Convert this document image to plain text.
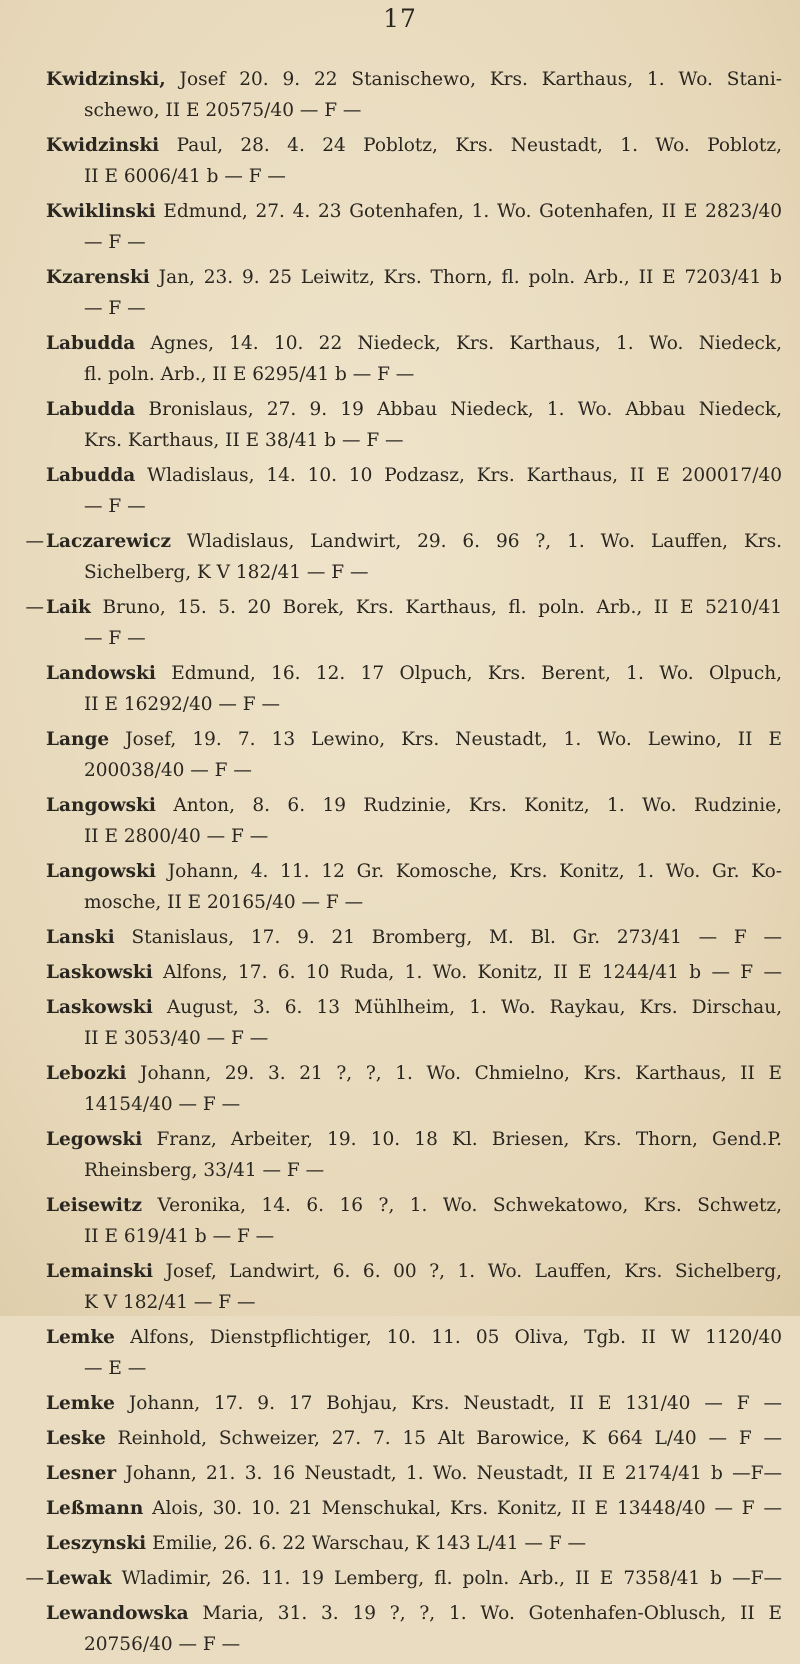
17
Kwidzinski, Josef 20. 9. 22 Stanischewo, Krs. Karthaus, 1. Wo. Stani-
schewo, II E 20575/40 — F —
Kwidzinski Paul, 28. 4. 24 Poblotz, Krs. Neustadt, 1. Wo. Poblotz,
II E 6006/41 b — F —
Kwiklinski Edmund, 27. 4. 23 Gotenhafen, 1. Wo. Gotenhafen, II E 2823/40
— F —
Kzarenski Jan, 23. 9. 25 Leiwitz, Krs. Thorn, fl. poln. Arb., II E 7203/41 b
— F —
Labudda Agnes, 14. 10. 22 Niedeck, Krs. Karthaus, 1. Wo. Niedeck,
fl. poln. Arb., II E 6295/41 b — F —
Labudda Bronislaus, 27. 9. 19 Abbau Niedeck, 1. Wo. Abbau Niedeck,
Krs. Karthaus, II E 38/41 b — F —
Labudda Wladislaus, 14. 10. 10 Podzasz, Krs. Karthaus, II E 200017/40
— F —
— Laczarewicz Wladislaus, Landwirt, 29. 6. 96 ?, 1. Wo. Lauffen, Krs.
Sichelberg, K V 182/41 — F —
— Laik Bruno, 15. 5. 20 Borek, Krs. Karthaus, fl. poln. Arb., II E 5210/41
— F —
Landowski Edmund, 16. 12. 17 Olpuch, Krs. Berent, 1. Wo. Olpuch,
II E 16292/40 — F —
Lange Josef, 19. 7. 13 Lewino, Krs. Neustadt, 1. Wo. Lewino, II E
200038/40 — F —
Langowski Anton, 8. 6. 19 Rudzinie, Krs. Konitz, 1. Wo. Rudzinie,
II E 2800/40 — F —
Langowski Johann, 4. 11. 12 Gr. Komosche, Krs. Konitz, 1. Wo. Gr. Ko-
mosche, II E 20165/40 — F —
Lanski Stanislaus, 17. 9. 21 Bromberg, M. Bl. Gr. 273/41 — F —
Laskowski Alfons, 17. 6. 10 Ruda, 1. Wo. Konitz, II E 1244/41 b — F —
Laskowski August, 3. 6. 13 Mühlheim, 1. Wo. Raykau, Krs. Dirschau,
II E 3053/40 — F —
Lebozki Johann, 29. 3. 21 ?, ?, 1. Wo. Chmielno, Krs. Karthaus, II E
14154/40 — F —
Legowski Franz, Arbeiter, 19. 10. 18 Kl. Briesen, Krs. Thorn, Gend.P.
Rheinsberg, 33/41 — F —
Leisewitz Veronika, 14. 6. 16 ?, 1. Wo. Schwekatowo, Krs. Schwetz,
II E 619/41 b — F —
Lemainski Josef, Landwirt, 6. 6. 00 ?, 1. Wo. Lauffen, Krs. Sichelberg,
K V 182/41 — F —
Lemke Alfons, Dienstpflichtiger, 10. 11. 05 Oliva, Tgb. II W 1120/40
— E —
Lemke Johann, 17. 9. 17 Bohjau, Krs. Neustadt, II E 131/40 — F —
Leske Reinhold, Schweizer, 27. 7. 15 Alt Barowice, K 664 L/40 — F —
Lesner Johann, 21. 3. 16 Neustadt, 1. Wo. Neustadt, II E 2174/41 b —F—
Leßmann Alois, 30. 10. 21 Menschukal, Krs. Konitz, II E 13448/40 — F —
Leszynski Emilie, 26. 6. 22 Warschau, K 143 L/41 — F —
— Lewak Wladimir, 26. 11. 19 Lemberg, fl. poln. Arb., II E 7358/41 b —F—
Lewandowska Maria, 31. 3. 19 ?, ?, 1. Wo. Gotenhafen-Oblusch, II E
20756/40 — F —
